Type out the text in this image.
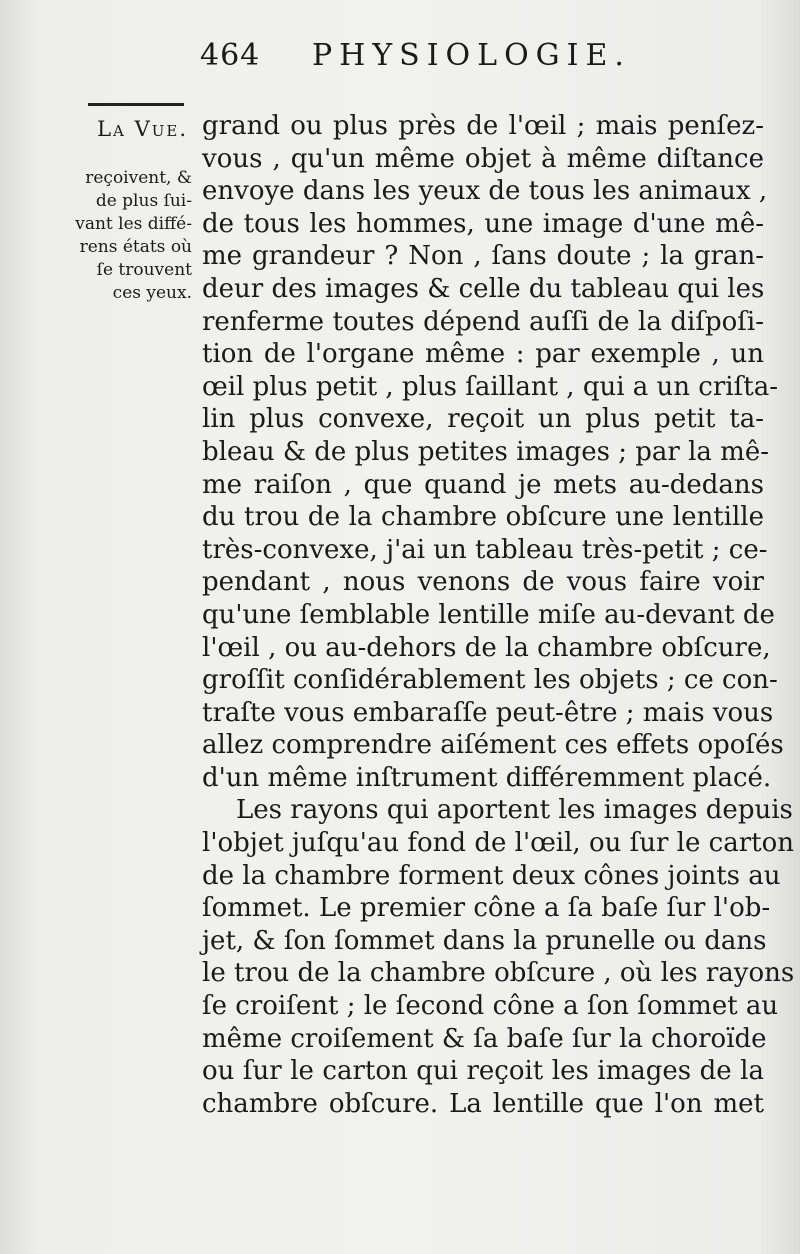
464 PHYSIOLOGIE.
La Vue.
reçoivent, &
de plus ſui-
vant les diffé-
rens états où
ſe trouvent
ces yeux.
grand ou plus près de l'œil ; mais penſez-
vous , qu'un même objet à même diſtance
envoye dans les yeux de tous les animaux ,
de tous les hommes, une image d'une mê-
me grandeur ? Non , ſans doute ; la gran-
deur des images & celle du tableau qui les
renferme toutes dépend auſſi de la diſpoſi-
tion de l'organe même : par exemple , un
œil plus petit , plus ſaillant , qui a un criſta-
lin plus convexe, reçoit un plus petit ta-
bleau & de plus petites images ; par la mê-
me raiſon , que quand je mets au-dedans
du trou de la chambre obſcure une lentille
très-convexe, j'ai un tableau très-petit ; ce-
pendant , nous venons de vous faire voir
qu'une ſemblable lentille miſe au-devant de
l'œil , ou au-dehors de la chambre obſcure,
groſſit conſidérablement les objets ; ce con-
traſte vous embaraſſe peut-être ; mais vous
allez comprendre aiſément ces effets opoſés
d'un même inſtrument différemment placé.
Les rayons qui aportent les images depuis
l'objet juſqu'au fond de l'œil, ou ſur le carton
de la chambre forment deux cônes joints au
ſommet. Le premier cône a ſa baſe ſur l'ob-
jet, & ſon ſommet dans la prunelle ou dans
le trou de la chambre obſcure , où les rayons
ſe croiſent ; le ſecond cône a ſon ſommet au
même croiſement & ſa baſe ſur la choroïde
ou ſur le carton qui reçoit les images de la
chambre obſcure. La lentille que l'on met
